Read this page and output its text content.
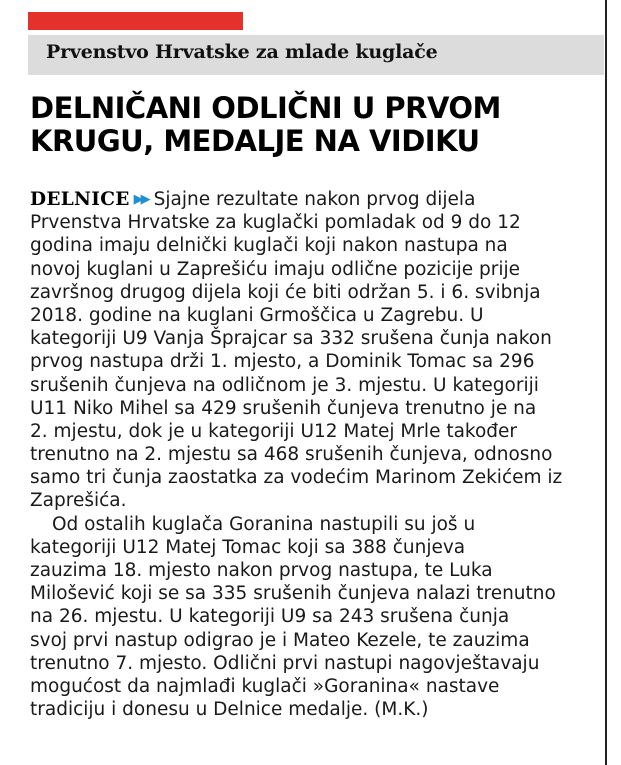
Prvenstvo Hrvatske za mlade kuglače
DELNIČANI ODLIČNI U PRVOM
KRUGU, MEDALJE NA VIDIKU
DELNICE ▶▶ Sjajne rezultate nakon prvog dijela
Prvenstva Hrvatske za kuglački pomladak od 9 do 12
godina imaju delnički kuglači koji nakon nastupa na
novoj kuglani u Zaprešiću imaju odlične pozicije prije
završnog drugog dijela koji će biti održan 5. i 6. svibnja
2018. godine na kuglani Grmoščica u Zagrebu. U
kategoriji U9 Vanja Šprajcar sa 332 srušena čunja nakon
prvog nastupa drži 1. mjesto, a Dominik Tomac sa 296
srušenih čunjeva na odličnom je 3. mjestu. U kategoriji
U11 Niko Mihel sa 429 srušenih čunjeva trenutno je na
2. mjestu, dok je u kategoriji U12 Matej Mrle također
trenutno na 2. mjestu sa 468 srušenih čunjeva, odnosno
samo tri čunja zaostatka za vodećim Marinom Zekićem iz
Zaprešića.
Od ostalih kuglača Goranina nastupili su još u
kategoriji U12 Matej Tomac koji sa 388 čunjeva
zauzima 18. mjesto nakon prvog nastupa, te Luka
Milošević koji se sa 335 srušenih čunjeva nalazi trenutno
na 26. mjestu. U kategoriji U9 sa 243 srušena čunja
svoj prvi nastup odigrao je i Mateo Kezele, te zauzima
trenutno 7. mjesto. Odlični prvi nastupi nagovještavaju
mogućost da najmlađi kuglači »Goranina« nastave
tradiciju i donesu u Delnice medalje. (M.K.)
